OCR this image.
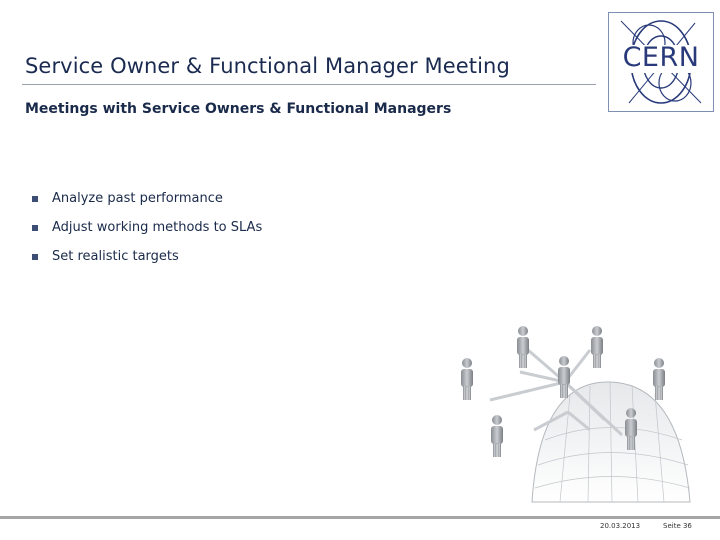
Service Owner & Functional Manager Meeting	CERN
Meetings with Service Owners & Functional Managers
Analyze past performance
Adjust working methods to SLAs
Set realistic targets
20.03.2013	Seite 36
